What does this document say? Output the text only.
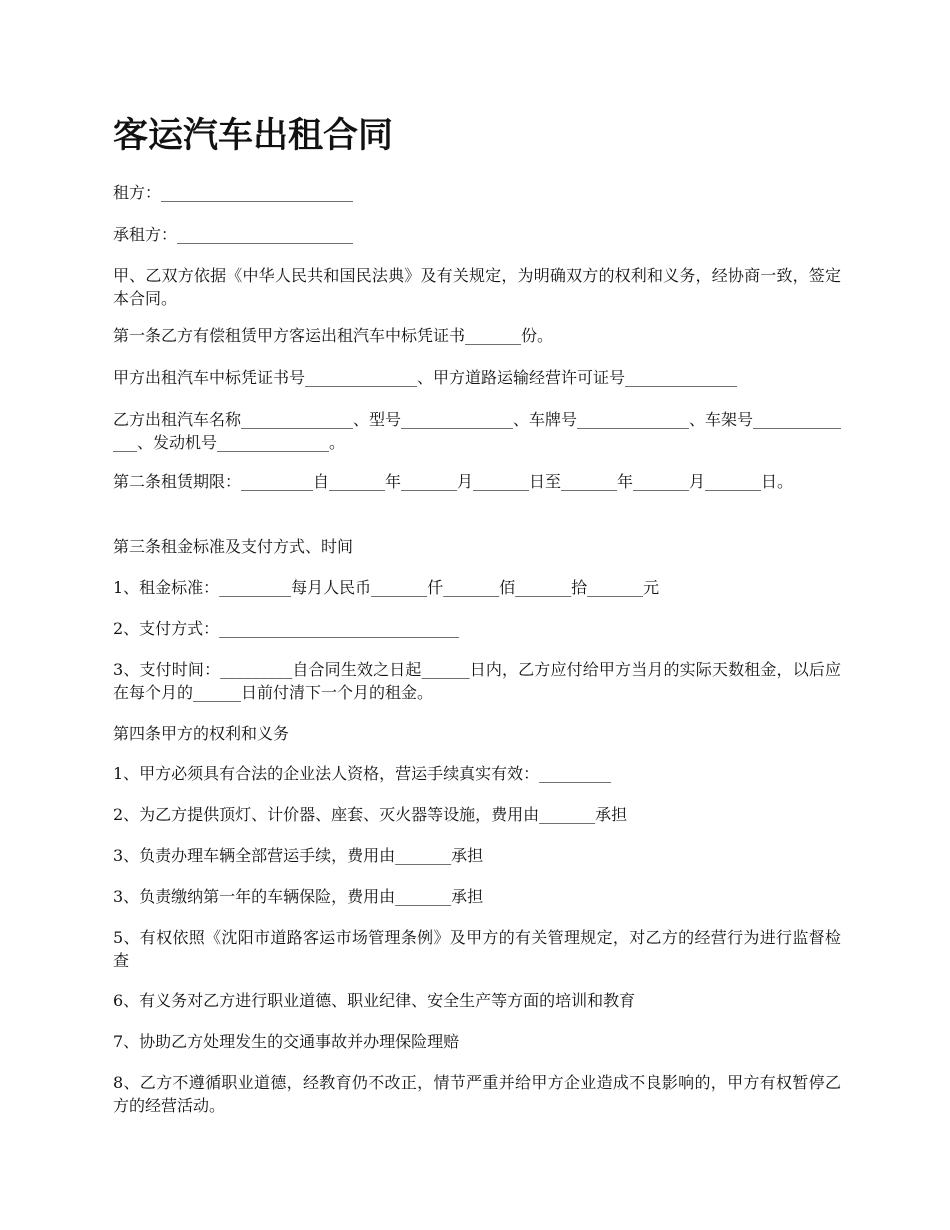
客运汽车出租合同

租方：________________________

承租方：______________________

甲、乙双方依据《中华人民共和国民法典》及有关规定，为明确双方的权利和义务，经协商一致，签定本合同。

第一条乙方有偿租赁甲方客运出租汽车中标凭证书_______份。

甲方出租汽车中标凭证书号______________、甲方道路运输经营许可证号______________

乙方出租汽车名称______________、型号______________、车牌号______________、车架号______________、发动机号______________。

第二条租赁期限：_________自_______年_______月_______日至_______年_______月_______日。

第三条租金标准及支付方式、时间

1、租金标准：_________每月人民币_______仟_______佰_______拾_______元

2、支付方式：______________________________

3、支付时间：_________自合同生效之日起______日内，乙方应付给甲方当月的实际天数租金，以后应在每个月的______日前付清下一个月的租金。

第四条甲方的权利和义务

1、甲方必须具有合法的企业法人资格，营运手续真实有效：_________

2、为乙方提供顶灯、计价器、座套、灭火器等设施，费用由_______承担

3、负责办理车辆全部营运手续，费用由_______承担

3、负责缴纳第一年的车辆保险，费用由_______承担

5、有权依照《沈阳市道路客运市场管理条例》及甲方的有关管理规定，对乙方的经营行为进行监督检查

6、有义务对乙方进行职业道德、职业纪律、安全生产等方面的培训和教育

7、协助乙方处理发生的交通事故并办理保险理赔

8、乙方不遵循职业道德，经教育仍不改正，情节严重并给甲方企业造成不良影响的，甲方有权暂停乙方的经营活动。
